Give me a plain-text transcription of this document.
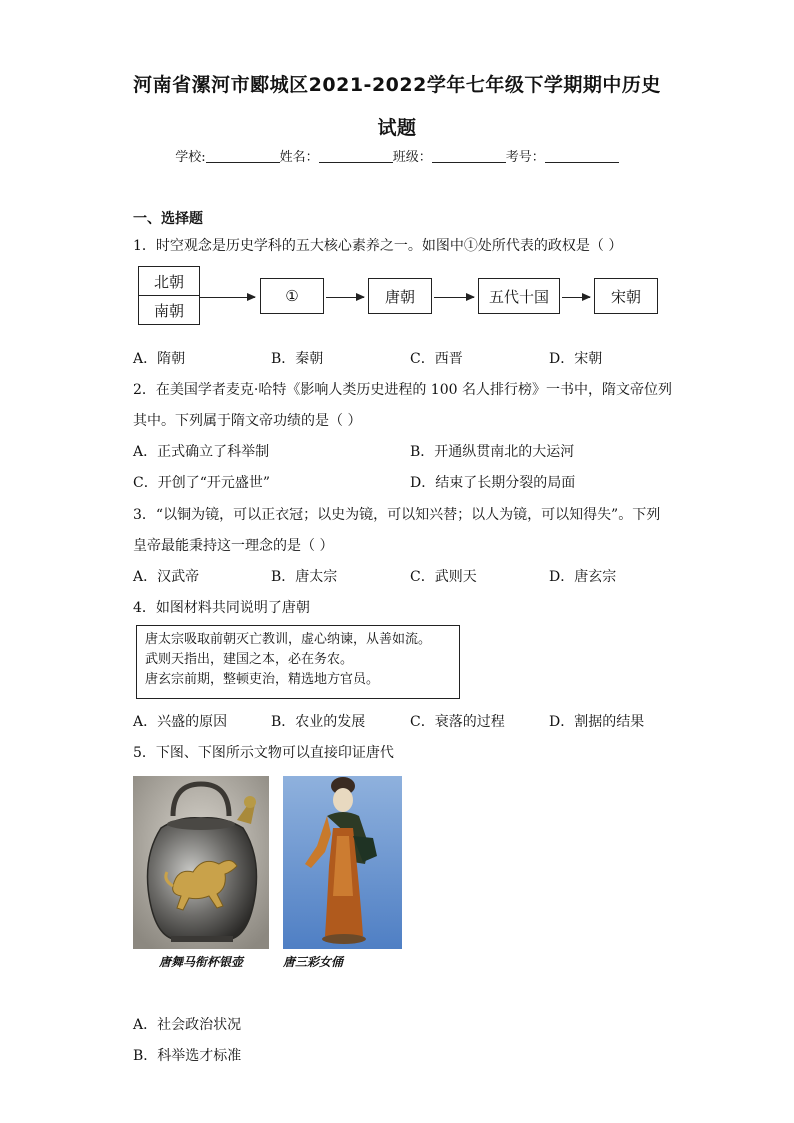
河南省漯河市郾城区2021-2022学年七年级下学期期中历史
试题
学校:	姓名：	班级：	考号：
一、选择题
1．时空观念是历史学科的五大核心素养之一。如图中①处所代表的政权是（ ）
北朝
南朝
①	唐朝	五代十国	宋朝
A．隋朝	B．秦朝	C．西晋	D．宋朝
2．在美国学者麦克·哈特《影响人类历史进程的 100 名人排行榜》一书中，隋文帝位列
其中。下列属于隋文帝功绩的是（ ）
A．正式确立了科举制	B．开通纵贯南北的大运河
C．开创了“开元盛世”	D．结束了长期分裂的局面
3．“以铜为镜，可以正衣冠；以史为镜，可以知兴替；以人为镜，可以知得失”。下列
皇帝最能秉持这一理念的是（ ）
A．汉武帝	B．唐太宗	C．武则天	D．唐玄宗
4．如图材料共同说明了唐朝
唐太宗吸取前朝灭亡教训，虚心纳谏，从善如流。
武则天指出，建国之本，必在务农。
唐玄宗前期，整顿吏治，精选地方官员。
A．兴盛的原因	B．农业的发展	C．衰落的过程	D．割据的结果
5．下图、下图所示文物可以直接印证唐代
唐舞马衔杯银壶	唐三彩女俑
A．社会政治状况
B．科举选才标准
